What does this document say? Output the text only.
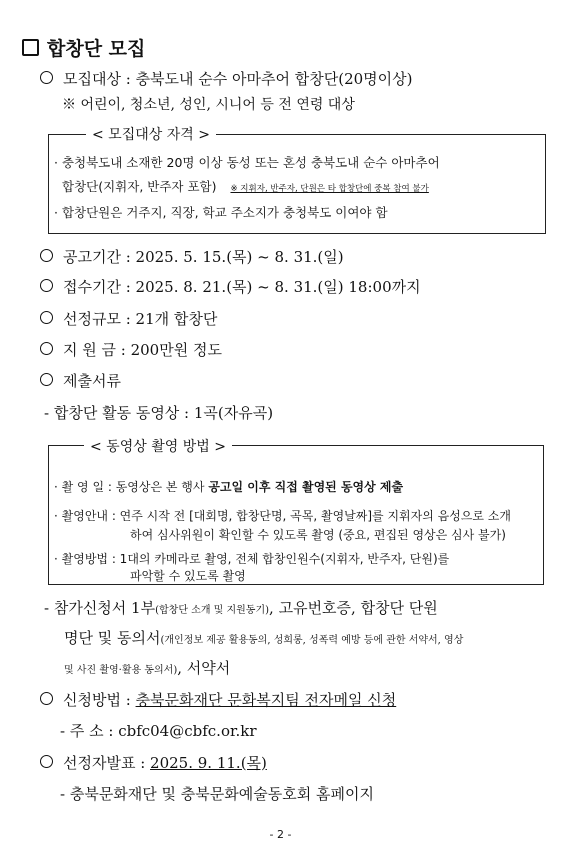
합창단 모집
모집대상 : 충북도내 순수 아마추어 합창단(20명이상)
※ 어린이, 청소년, 성인, 시니어 등 전 연령 대상
< 모집대상 자격 >
· 충청북도내 소재한 20명 이상 동성 또는 혼성 충북도내 순수 아마추어
합창단(지휘자, 반주자 포함) ※ 지휘자, 반주자, 단원은 타 합창단에 중복 참여 불가
· 합창단원은 거주지, 직장, 학교 주소지가 충청북도 이여야 함
공고기간 : 2025. 5. 15.(목) ~ 8. 31.(일)
접수기간 : 2025. 8. 21.(목) ~ 8. 31.(일) 18:00까지
선정규모 : 21개 합창단
지 원 금 : 200만원 정도
제출서류
- 합창단 활동 동영상 : 1곡(자유곡)
< 동영상 촬영 방법 >
· 촬 영 일 : 동영상은 본 행사 공고일 이후 직접 촬영된 동영상 제출
· 촬영안내 : 연주 시작 전 [대회명, 합창단명, 곡목, 촬영날짜]를 지휘자의 음성으로 소개
하여 심사위원이 확인할 수 있도록 촬영 (중요, 편집된 영상은 심사 불가)
· 촬영방법 : 1대의 카메라로 촬영, 전체 합창인원수(지휘자, 반주자, 단원)를
파악할 수 있도록 촬영
- 참가신청서 1부(합창단 소개 및 지원동기), 고유번호증, 합창단 단원
명단 및 동의서(개인정보 제공 활용동의, 성희롱, 성폭력 예방 등에 관한 서약서, 영상
및 사진 촬영·활용 동의서), 서약서
신청방법 : 충북문화재단 문화복지팀 전자메일 신청
- 주 소 : cbfc04@cbfc.or.kr
선정자발표 : 2025. 9. 11.(목)
- 충북문화재단 및 충북문화예술동호회 홈페이지
- 2 -
